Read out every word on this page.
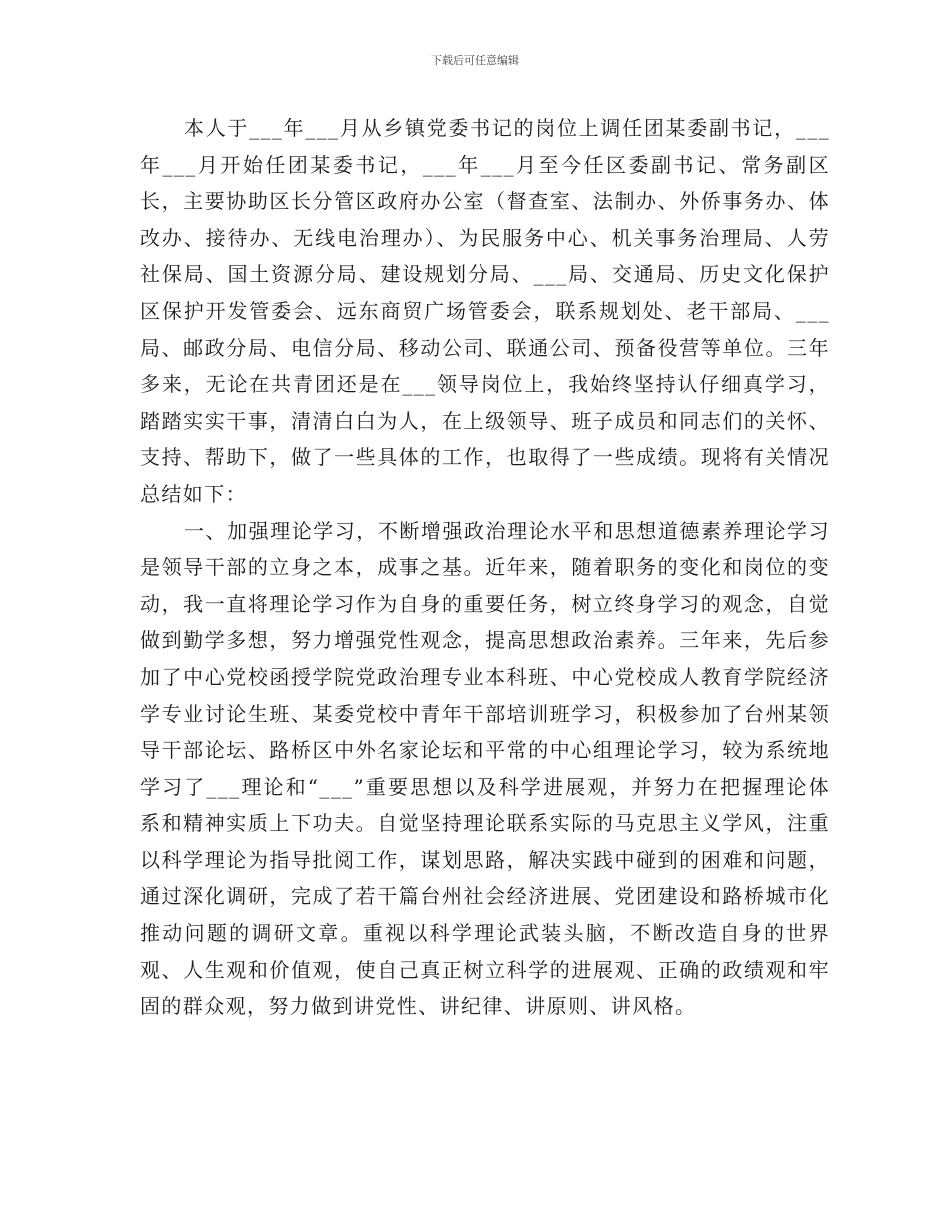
下载后可任意编辑

本人于___年___月从乡镇党委书记的岗位上调任团某委副书记，___年___月开始任团某委书记，___年___月至今任区委副书记、常务副区长，主要协助区长分管区政府办公室（督查室、法制办、外侨事务办、体改办、接待办、无线电治理办）、为民服务中心、机关事务治理局、人劳社保局、国土资源分局、建设规划分局、___局、交通局、历史文化保护区保护开发管委会、远东商贸广场管委会，联系规划处、老干部局、___局、邮政分局、电信分局、移动公司、联通公司、预备役营等单位。三年多来，无论在共青团还是在___领导岗位上，我始终坚持认仔细真学习，踏踏实实干事，清清白白为人，在上级领导、班子成员和同志们的关怀、支持、帮助下，做了一些具体的工作，也取得了一些成绩。现将有关情况总结如下：

一、加强理论学习，不断增强政治理论水平和思想道德素养理论学习是领导干部的立身之本，成事之基。近年来，随着职务的变化和岗位的变动，我一直将理论学习作为自身的重要任务，树立终身学习的观念，自觉做到勤学多想，努力增强党性观念，提高思想政治素养。三年来，先后参加了中心党校函授学院党政治理专业本科班、中心党校成人教育学院经济学专业讨论生班、某委党校中青年干部培训班学习，积极参加了台州某领导干部论坛、路桥区中外名家论坛和平常的中心组理论学习，较为系统地学习了___理论和“___”重要思想以及科学进展观，并努力在把握理论体系和精神实质上下功夫。自觉坚持理论联系实际的马克思主义学风，注重以科学理论为指导批阅工作，谋划思路，解决实践中碰到的困难和问题，通过深化调研，完成了若干篇台州社会经济进展、党团建设和路桥城市化推动问题的调研文章。重视以科学理论武装头脑，不断改造自身的世界观、人生观和价值观，使自己真正树立科学的进展观、正确的政绩观和牢固的群众观，努力做到讲党性、讲纪律、讲原则、讲风格。
